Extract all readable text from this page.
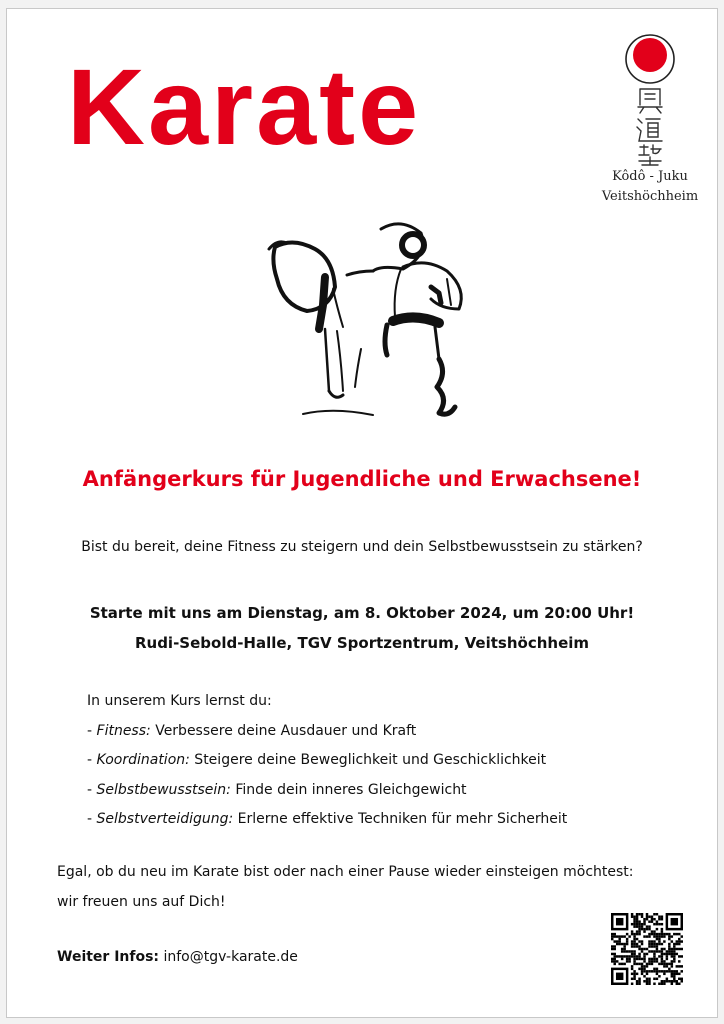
Karate
Kôdô - Juku
Veitshöchheim
Anfängerkurs für Jugendliche und Erwachsene!
Bist du bereit, deine Fitness zu steigern und dein Selbstbewusstsein zu stärken?
Starte mit uns am Dienstag, am 8. Oktober 2024, um 20:00 Uhr!
Rudi-Sebold-Halle, TGV Sportzentrum, Veitshöchheim
In unserem Kurs lernst du:
- Fitness: Verbessere deine Ausdauer und Kraft
- Koordination: Steigere deine Beweglichkeit und Geschicklichkeit
- Selbstbewusstsein: Finde dein inneres Gleichgewicht
- Selbstverteidigung: Erlerne effektive Techniken für mehr Sicherheit
Egal, ob du neu im Karate bist oder nach einer Pause wieder einsteigen möchtest:
wir freuen uns auf Dich!
Weiter Infos: info@tgv-karate.de
